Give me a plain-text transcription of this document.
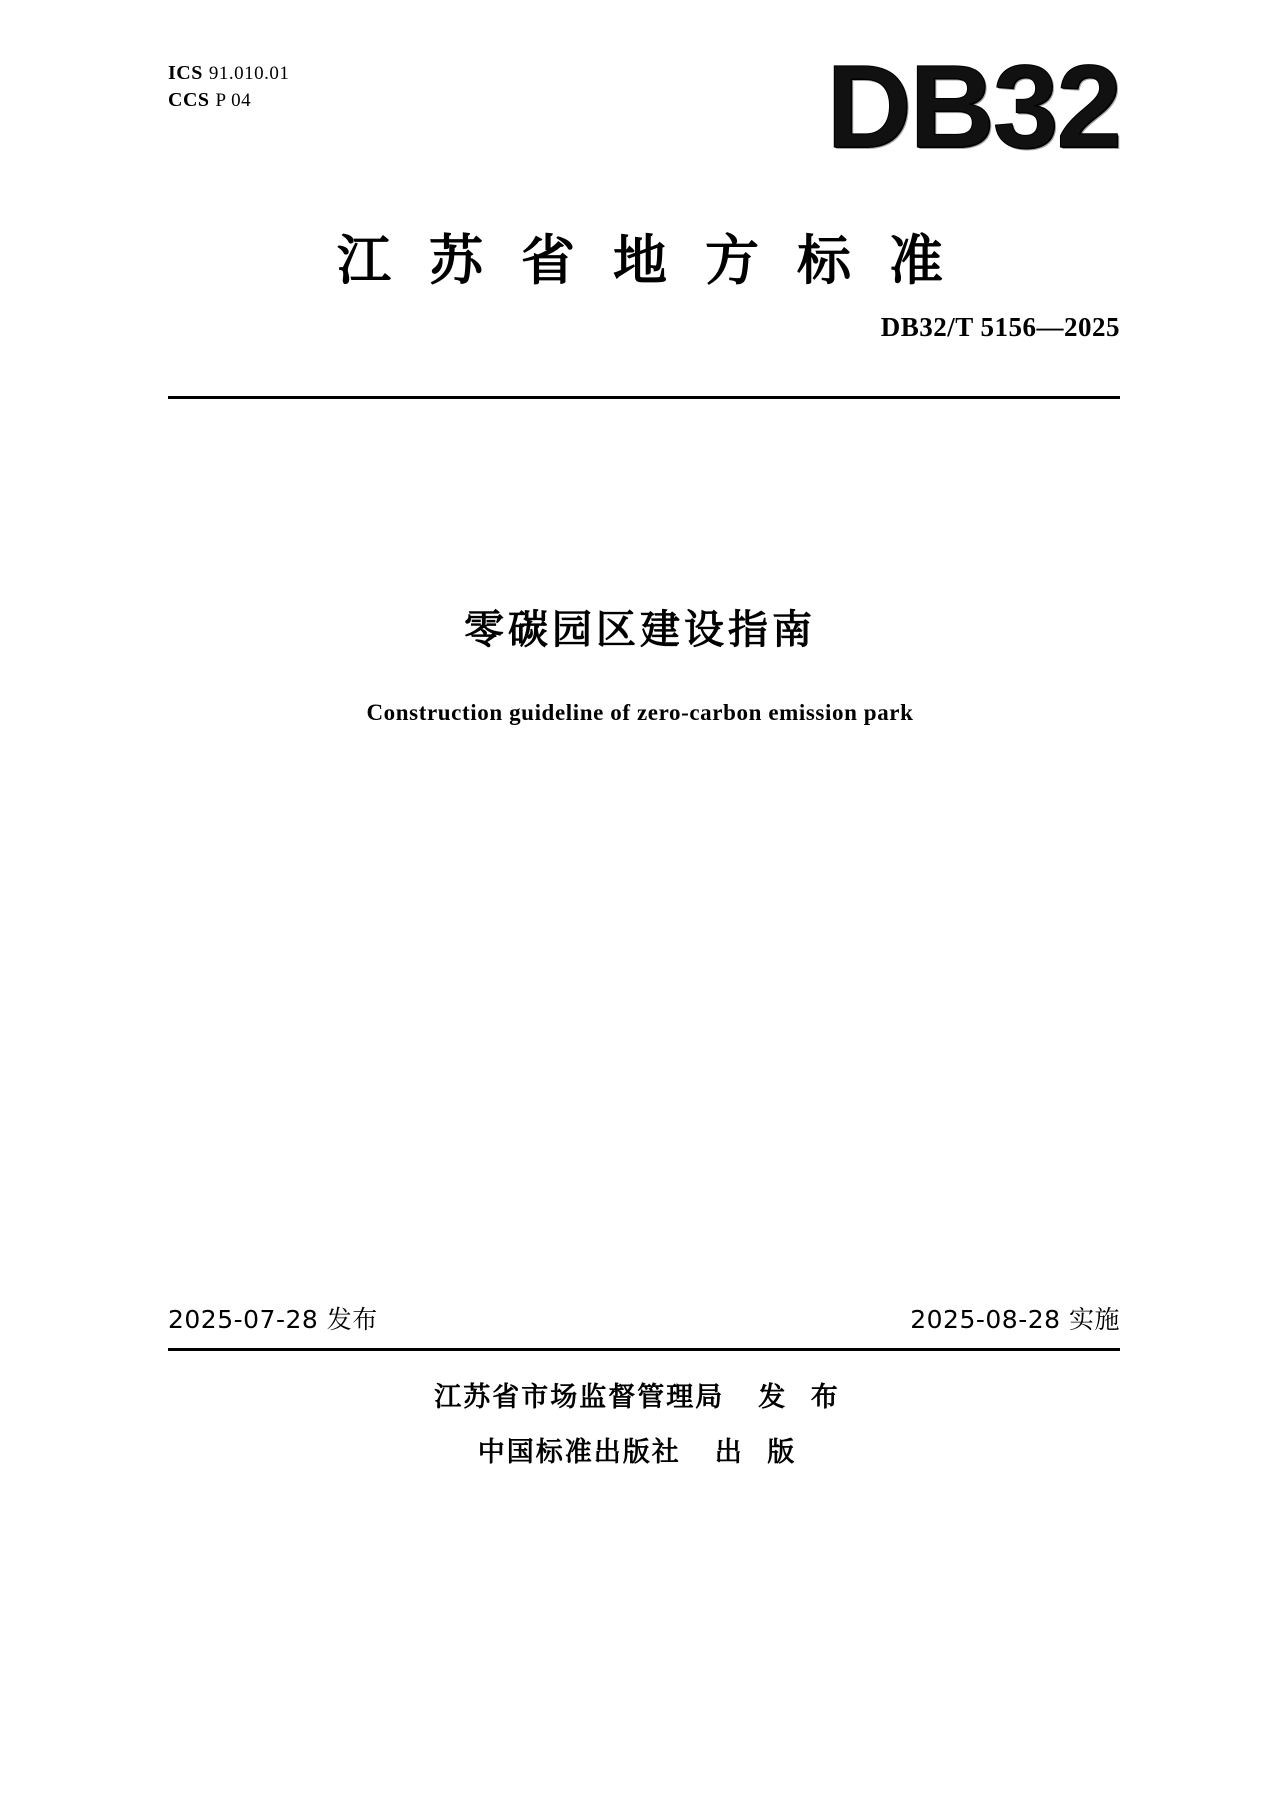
ICS 91.010.01
CCS P 04	DB32
江苏省地方标准
DB32/T 5156—2025
零碳园区建设指南
Construction guideline of zero-carbon emission park
2025-07-28 发布	2025-08-28 实施
江苏省市场监督管理局 发 布
中国标准出版社 出 版
